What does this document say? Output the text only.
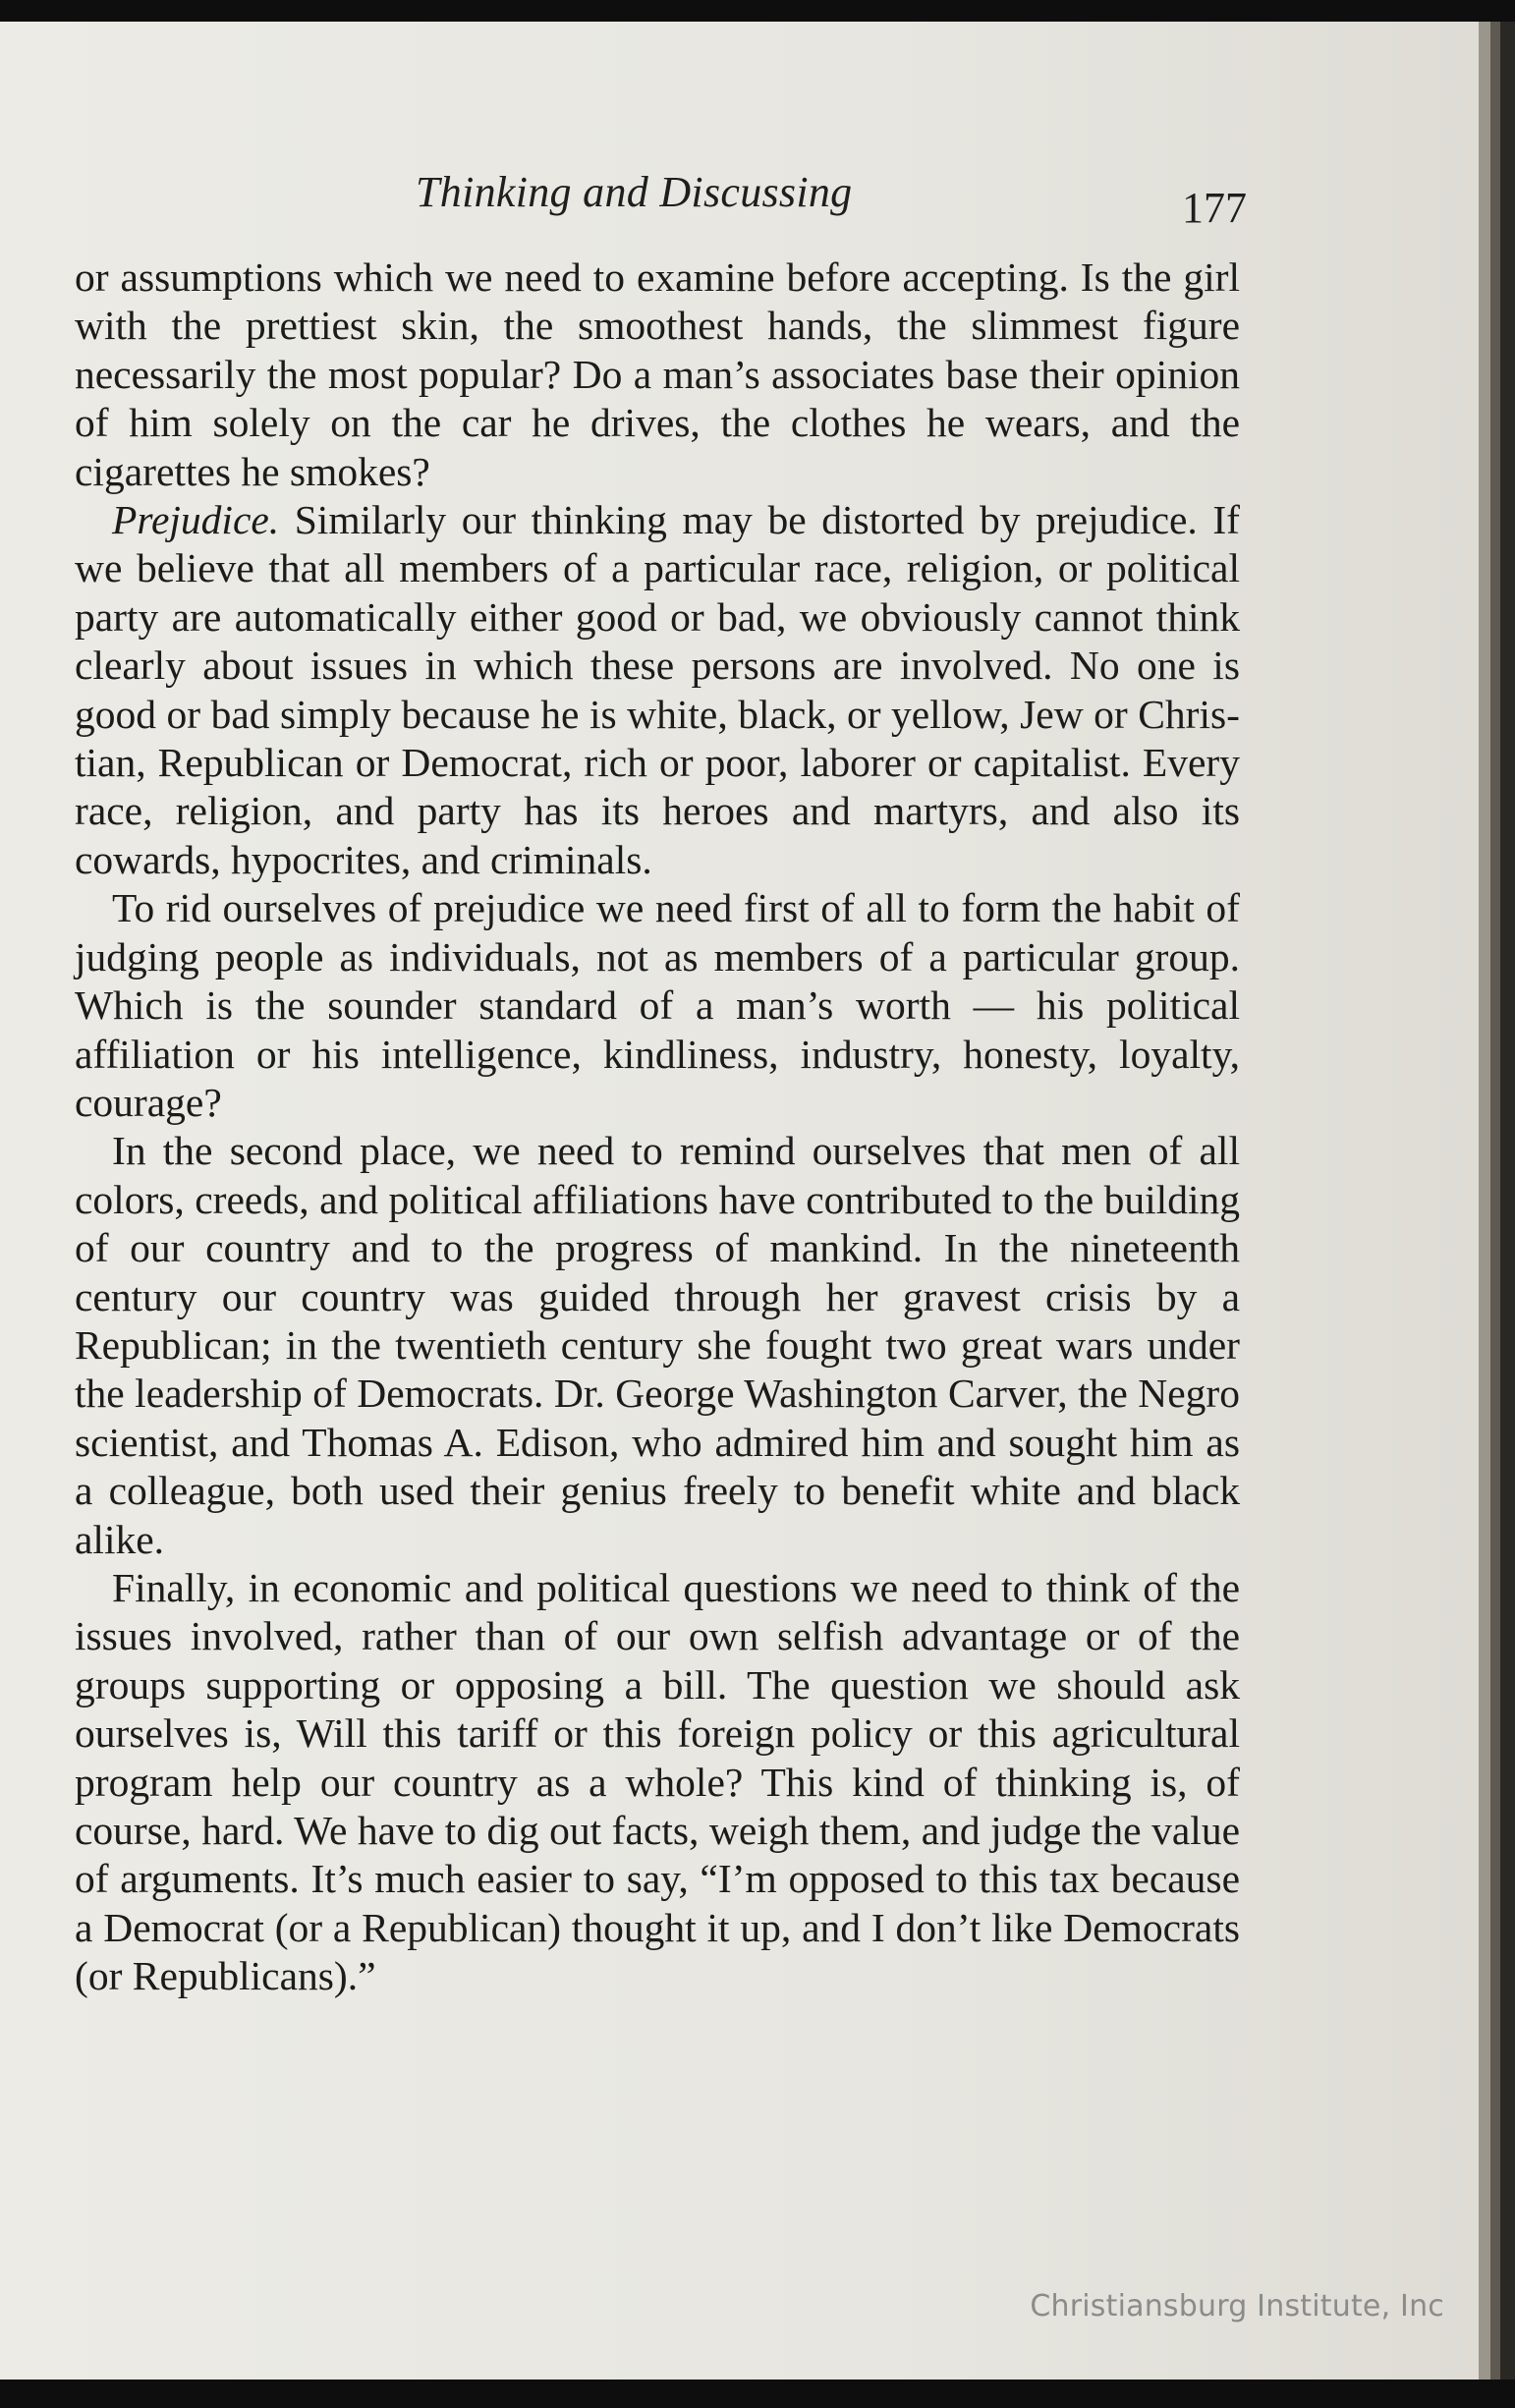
Thinking and Discussing	177

or assumptions which we need to examine before accepting. Is the girl with the prettiest skin, the smoothest hands, the slimmest figure necessarily the most popular? Do a man’s associates base their opinion of him solely on the car he drives, the clothes he wears, and the cigarettes he smokes?

Prejudice. Similarly our thinking may be distorted by prejudice. If we believe that all members of a particular race, religion, or political party are automatically either good or bad, we obviously cannot think clearly about issues in which these persons are involved. No one is good or bad simply because he is white, black, or yellow, Jew or Christian, Republican or Democrat, rich or poor, laborer or capitalist. Every race, religion, and party has its heroes and martyrs, and also its cowards, hypocrites, and criminals.

To rid ourselves of prejudice we need first of all to form the habit of judging people as individuals, not as members of a particular group. Which is the sounder standard of a man’s worth — his political affiliation or his intelligence, kindliness, industry, honesty, loyalty, courage?

In the second place, we need to remind ourselves that men of all colors, creeds, and political affiliations have contributed to the building of our country and to the progress of mankind. In the nineteenth century our country was guided through her gravest crisis by a Republican; in the twentieth century she fought two great wars under the leadership of Democrats. Dr. George Washington Carver, the Negro scientist, and Thomas A. Edison, who admired him and sought him as a colleague, both used their genius freely to benefit white and black alike.

Finally, in economic and political questions we need to think of the issues involved, rather than of our own selfish advantage or of the groups supporting or opposing a bill. The question we should ask ourselves is, Will this tariff or this foreign policy or this agricultural program help our country as a whole? This kind of thinking is, of course, hard. We have to dig out facts, weigh them, and judge the value of arguments. It’s much easier to say, “I’m opposed to this tax because a Democrat (or a Republican) thought it up, and I don’t like Democrats (or Republicans).”

Christiansburg Institute, Inc
